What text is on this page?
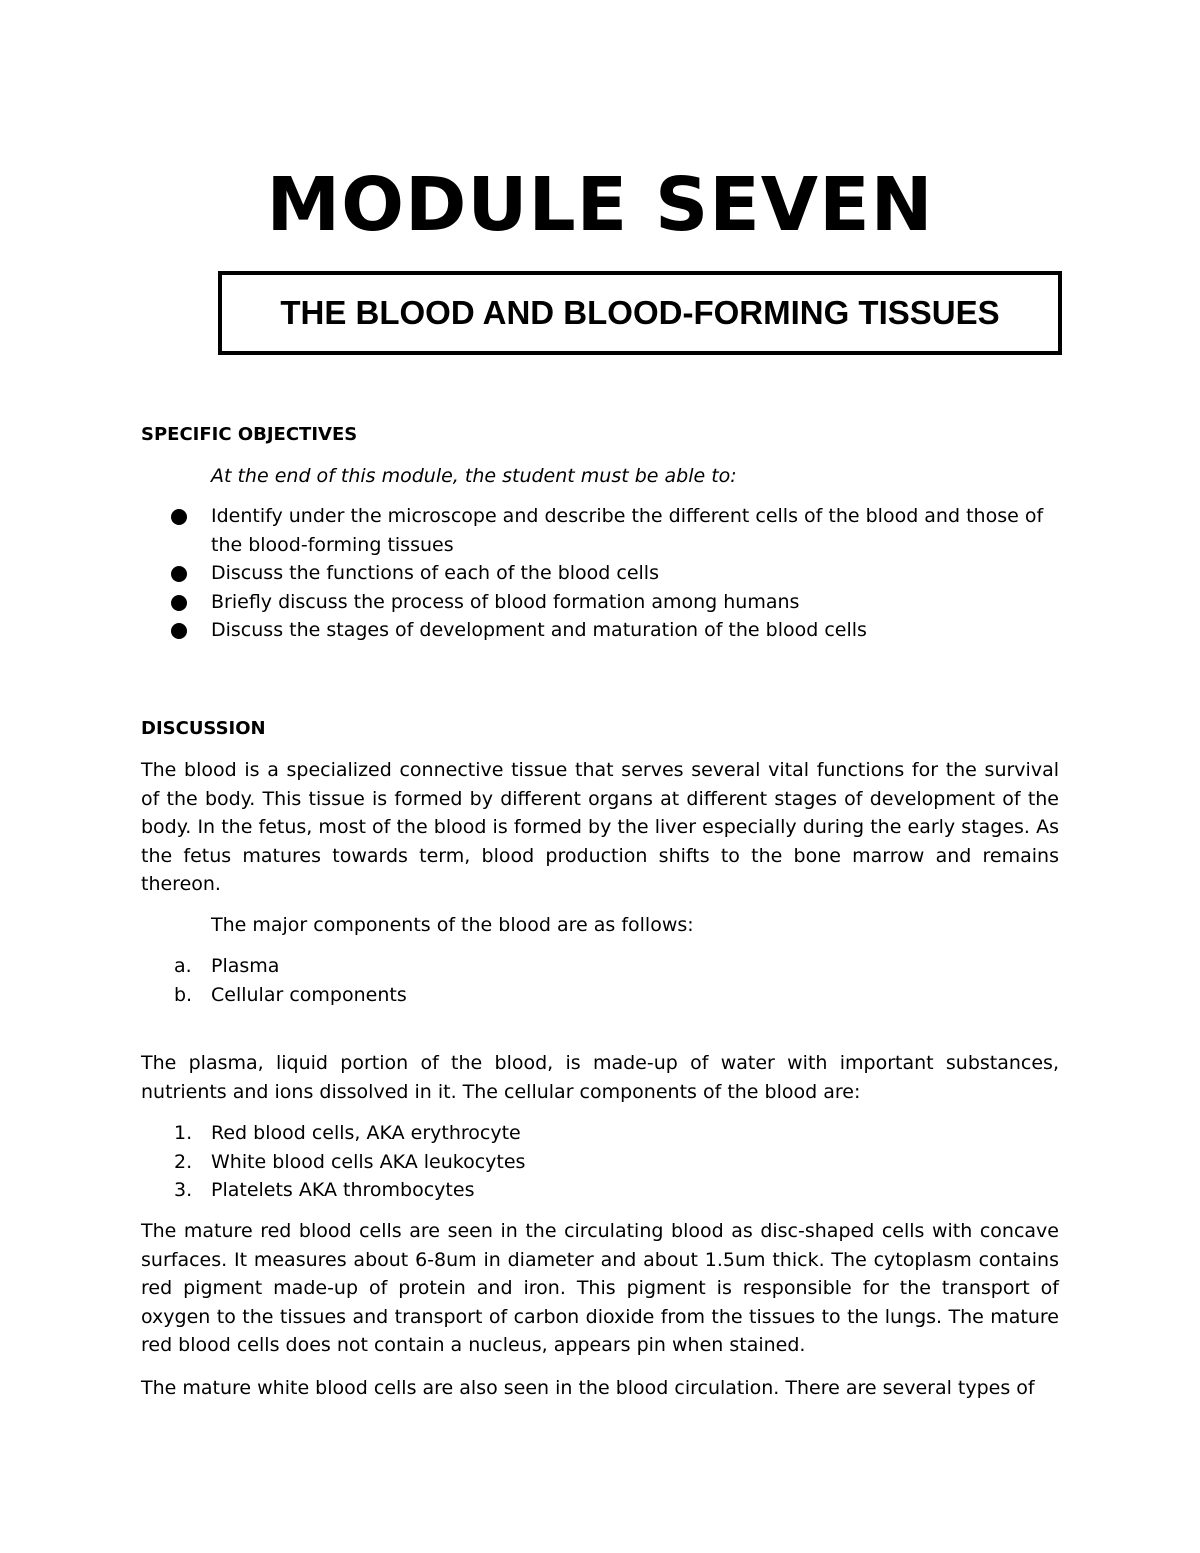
MODULE SEVEN
THE BLOOD AND BLOOD-FORMING TISSUES
SPECIFIC OBJECTIVES

At the end of this module, the student must be able to:

Identify under the microscope and describe the different cells of the blood and those of the blood-forming tissues
Discuss the functions of each of the blood cells
Briefly discuss the process of blood formation among humans
Discuss the stages of development and maturation of the blood cells
DISCUSSION

The blood is a specialized connective tissue that serves several vital functions for the survival of the body. This tissue is formed by different organs at different stages of development of the body. In the fetus, most of the blood is formed by the liver especially during the early stages. As the fetus matures towards term, blood production shifts to the bone marrow and remains thereon.

The major components of the blood are as follows:

a. Plasma
b. Cellular components

The plasma, liquid portion of the blood, is made-up of water with important substances, nutrients and ions dissolved in it. The cellular components of the blood are:

1. Red blood cells, AKA erythrocyte
2. White blood cells AKA leukocytes
3. Platelets AKA thrombocytes

The mature red blood cells are seen in the circulating blood as disc-shaped cells with concave surfaces. It measures about 6-8um in diameter and about 1.5um thick. The cytoplasm contains red pigment made-up of protein and iron. This pigment is responsible for the transport of oxygen to the tissues and transport of carbon dioxide from the tissues to the lungs. The mature red blood cells does not contain a nucleus, appears pin when stained.

The mature white blood cells are also seen in the blood circulation. There are several types of
